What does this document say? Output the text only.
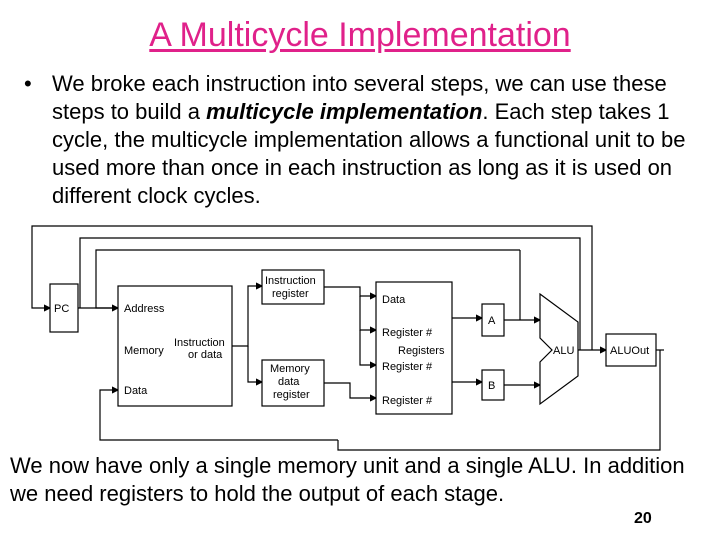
A Multicycle Implementation
• We broke each instruction into several steps, we can use these steps to build a multicycle implementation. Each step takes 1 cycle, the multicycle implementation allows a functional unit to be used more than once in each instruction as long as it is used on different clock cycles.
PC	Address
Memory
Data
Instruction
or data
Instruction
register
Memory
data
register
Data
Register #
Registers
Register #
Register #
A
B
ALU	ALUOut
We now have only a single memory unit and a single ALU. In addition we need registers to hold the output of each stage.
20
